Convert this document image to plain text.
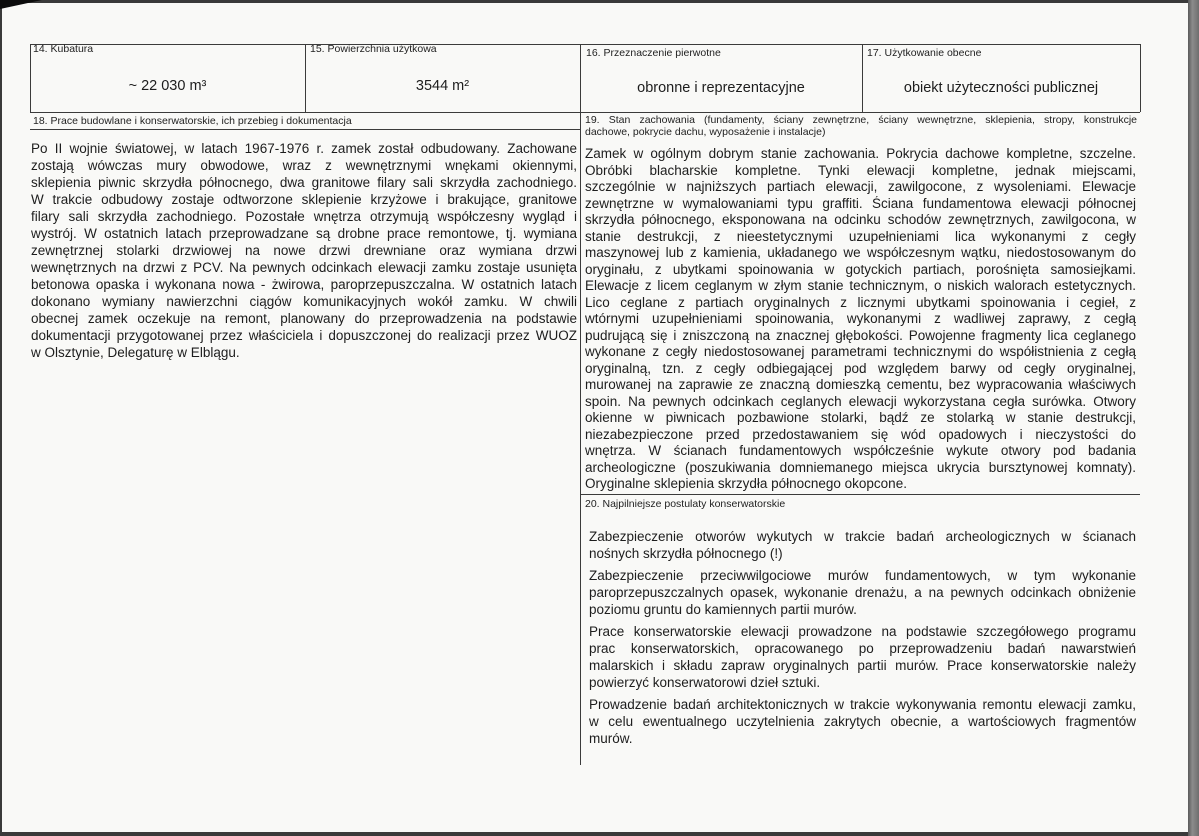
14. Kubatura
~ 22 030 m³
15. Powierzchnia użytkowa
3544 m²
16. Przeznaczenie pierwotne
obronne i reprezentacyjne
17. Użytkowanie obecne
obiekt użyteczności publicznej
18. Prace budowlane i konserwatorskie, ich przebieg i dokumentacja
Po II wojnie światowej, w latach 1967-1976 r. zamek został odbudowany. Zachowane
zostają wówczas mury obwodowe, wraz z wewnętrznymi wnękami okiennymi,
sklepienia piwnic skrzydła północnego, dwa granitowe filary sali skrzydła zachodniego.
W trakcie odbudowy zostaje odtworzone sklepienie krzyżowe i brakujące, granitowe
filary sali skrzydła zachodniego. Pozostałe wnętrza otrzymują współczesny wygląd i
wystrój. W ostatnich latach przeprowadzane są drobne prace remontowe, tj. wymiana
zewnętrznej stolarki drzwiowej na nowe drzwi drewniane oraz wymiana drzwi
wewnętrznych na drzwi z PCV. Na pewnych odcinkach elewacji zamku zostaje usunięta
betonowa opaska i wykonana nowa - żwirowa, paroprzepuszczalna. W ostatnich latach
dokonano wymiany nawierzchni ciągów komunikacyjnych wokół zamku. W chwili
obecnej zamek oczekuje na remont, planowany do przeprowadzenia na podstawie
dokumentacji przygotowanej przez właściciela i dopuszczonej do realizacji przez WUOZ
w Olsztynie, Delegaturę w Elblągu.
19. Stan zachowania (fundamenty, ściany zewnętrzne, ściany wewnętrzne, sklepienia, stropy, konstrukcje
dachowe, pokrycie dachu, wyposażenie i instalacje)
Zamek w ogólnym dobrym stanie zachowania. Pokrycia dachowe kompletne, szczelne.
Obróbki blacharskie kompletne. Tynki elewacji kompletne, jednak miejscami,
szczególnie w najniższych partiach elewacji, zawilgocone, z wysoleniami. Elewacje
zewnętrzne w wymalowaniami typu graffiti. Ściana fundamentowa elewacji północnej
skrzydła północnego, eksponowana na odcinku schodów zewnętrznych, zawilgocona, w
stanie destrukcji, z nieestetycznymi uzupełnieniami lica wykonanymi z cegły
maszynowej lub z kamienia, układanego we współczesnym wątku, niedostosowanym do
oryginału, z ubytkami spoinowania w gotyckich partiach, porośnięta samosiejkami.
Elewacje z licem ceglanym w złym stanie technicznym, o niskich walorach estetycznych.
Lico ceglane z partiach oryginalnych z licznymi ubytkami spoinowania i cegieł, z
wtórnymi uzupełnieniami spoinowania, wykonanymi z wadliwej zaprawy, z cegłą
pudrującą się i zniszczoną na znacznej głębokości. Powojenne fragmenty lica ceglanego
wykonane z cegły niedostosowanej parametrami technicznymi do współistnienia z cegłą
oryginalną, tzn. z cegły odbiegającej pod względem barwy od cegły oryginalnej,
murowanej na zaprawie ze znaczną domieszką cementu, bez wypracowania właściwych
spoin. Na pewnych odcinkach ceglanych elewacji wykorzystana cegła surówka. Otwory
okienne w piwnicach pozbawione stolarki, bądź ze stolarką w stanie destrukcji,
niezabezpieczone przed przedostawaniem się wód opadowych i nieczystości do
wnętrza. W ścianach fundamentowych współcześnie wykute otwory pod badania
archeologiczne (poszukiwania domniemanego miejsca ukrycia bursztynowej komnaty).
Oryginalne sklepienia skrzydła północnego okopcone.
20. Najpilniejsze postulaty konserwatorskie
Zabezpieczenie otworów wykutych w trakcie badań archeologicznych w ścianach
nośnych skrzydła północnego (!)
Zabezpieczenie przeciwwilgociowe murów fundamentowych, w tym wykonanie
paroprzepuszczalnych opasek, wykonanie drenażu, a na pewnych odcinkach obniżenie
poziomu gruntu do kamiennych partii murów.
Prace konserwatorskie elewacji prowadzone na podstawie szczegółowego programu
prac konserwatorskich, opracowanego po przeprowadzeniu badań nawarstwień
malarskich i składu zapraw oryginalnych partii murów. Prace konserwatorskie należy
powierzyć konserwatorowi dzieł sztuki.
Prowadzenie badań architektonicznych w trakcie wykonywania remontu elewacji zamku,
w celu ewentualnego uczytelnienia zakrytych obecnie, a wartościowych fragmentów
murów.
